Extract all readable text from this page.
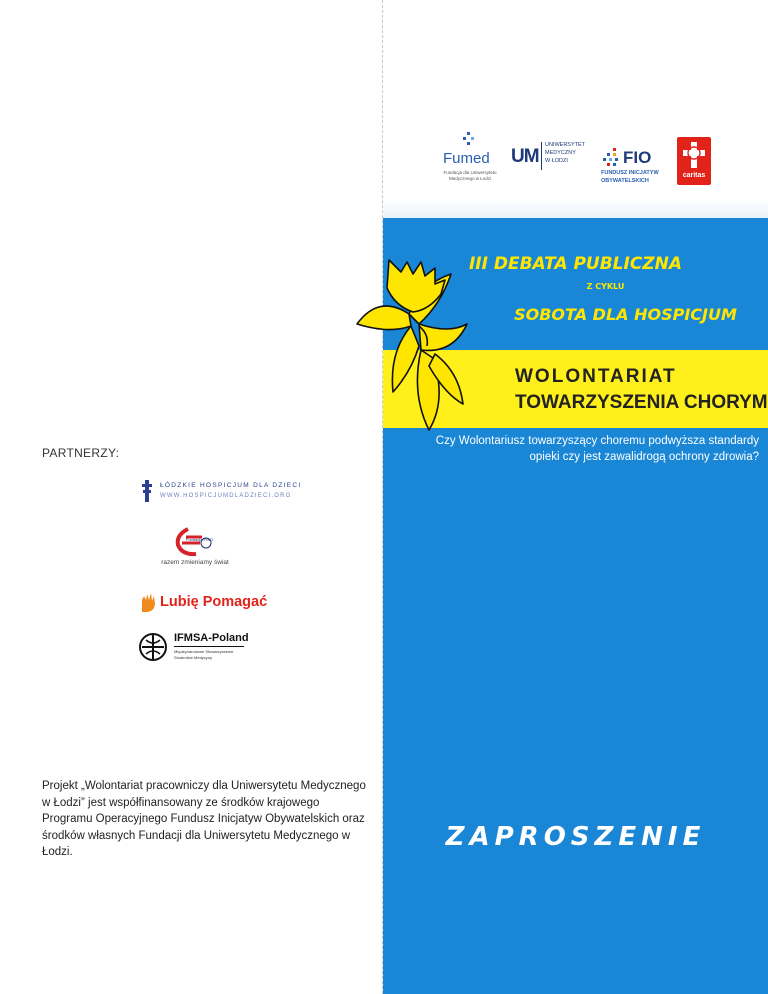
PARTNERZY:

ŁÓDZKIE HOSPICJUM DLA DZIECI
WWW.HOSPICJUMDLADZIECI.ORG
Fundacja FISO
razem zmieniamy świat
Lubię Pomagać
IFMSA-Poland
Międzynarodowe Stowarzyszenie
Studentów Medycyny

Projekt „Wolontariat pracowniczy dla Uniwersytetu Medycznego w Łodzi” jest współfinansowany ze środków krajowego Programu Operacyjnego Fundusz Inicjatyw Obywatelskich oraz środków własnych Fundacji dla Uniwersytetu Medycznego w Łodzi.

Fumed
Fundacja dla Uniwersytetu Medycznego w Łodzi
UM
UNIWERSYTET
MEDYCZNY
W ŁODZI	FIO
FUNDUSZ INICJATYW
OBYWATELSKICH
caritas
III DEBATA PUBLICZNA
Z CYKLU
SOBOTA DLA HOSPICJUM
WOLONTARIAT
TOWARZYSZENIA CHORYM

Czy Wolontariusz towarzyszący choremu podwyższa standardy opieki czy jest zawalidrogą ochrony zdrowia?

ZAPROSZENIE
